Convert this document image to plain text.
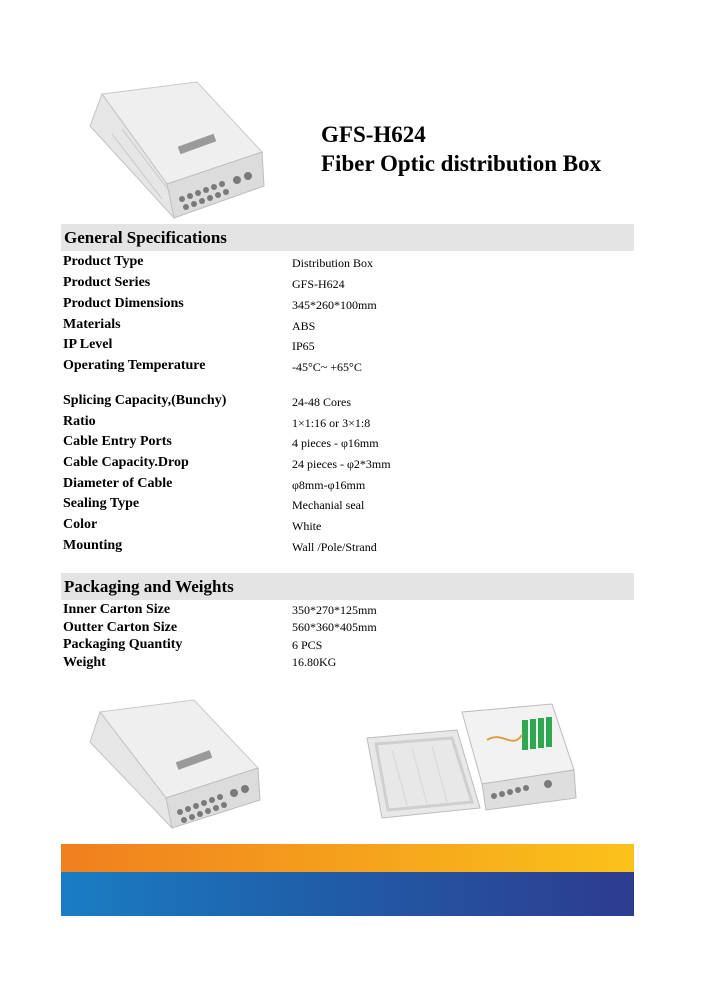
GFS-H624
Fiber Optic distribution Box
General Specifications
Product Type	Distribution Box
Product Series	GFS-H624
Product Dimensions	345*260*100mm
Materials	ABS
IP Level	IP65
Operating Temperature	-45°C~ +65°C
Splicing Capacity,(Bunchy)	24-48 Cores
Ratio	1×1:16 or 3×1:8
Cable Entry Ports	4 pieces - φ16mm
Cable Capacity.Drop	24 pieces - φ2*3mm
Diameter of Cable	φ8mm-φ16mm
Sealing Type	Mechanial seal
Color	White
Mounting	Wall /Pole/Strand
Packaging and Weights
Inner Carton Size	350*270*125mm
Outter Carton Size	560*360*405mm
Packaging Quantity	6 PCS
Weight	16.80KG
